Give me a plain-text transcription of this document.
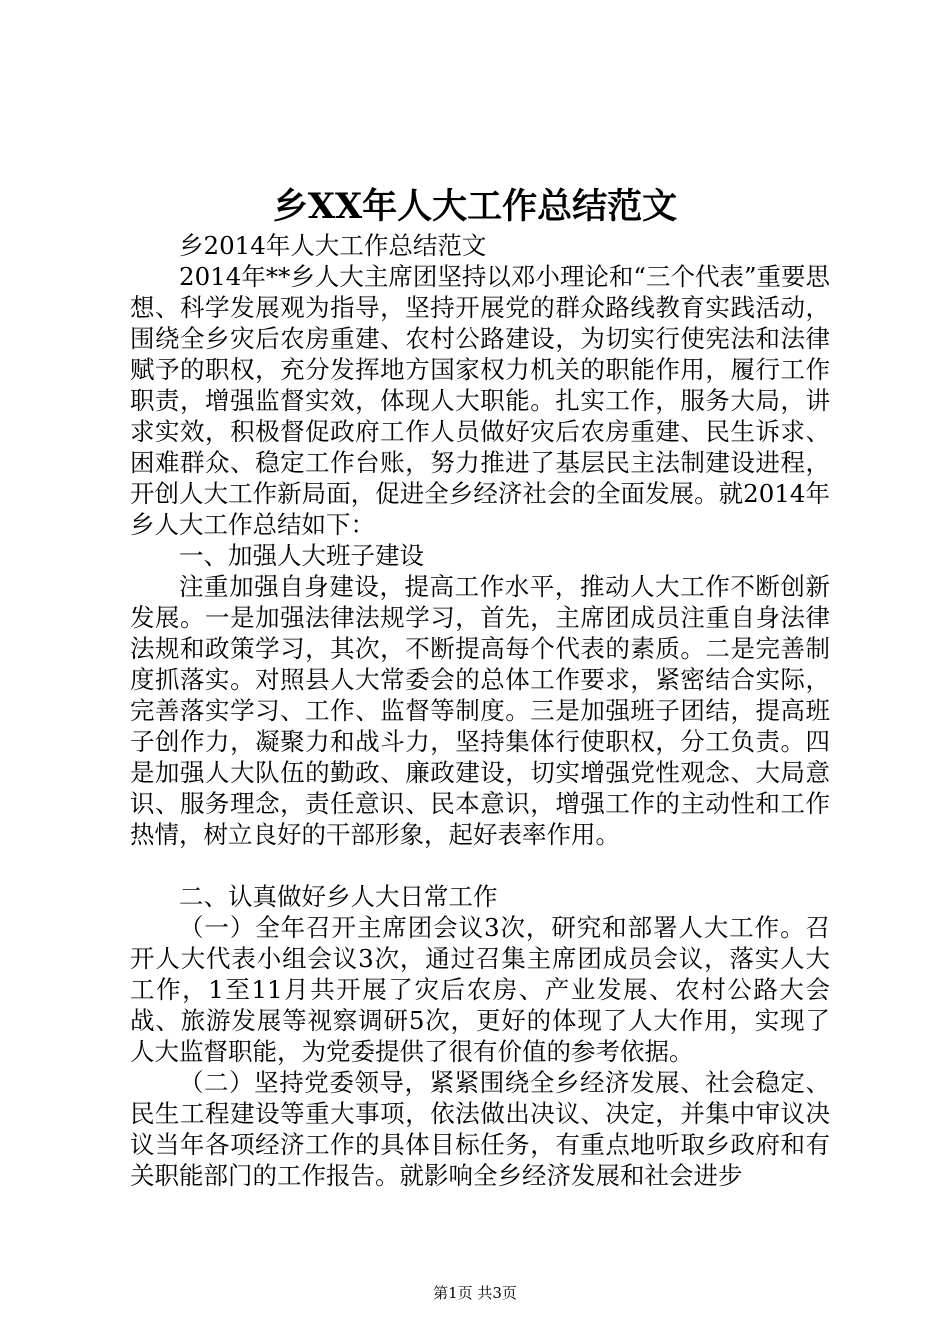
乡XX年人大工作总结范文

乡2014年人大工作总结范文

2014年**乡人大主席团坚持以邓小理论和“三个代表”重要思想、科学发展观为指导，坚持开展党的群众路线教育实践活动，围绕全乡灾后农房重建、农村公路建设，为切实行使宪法和法律赋予的职权，充分发挥地方国家权力机关的职能作用，履行工作职责，增强监督实效，体现人大职能。扎实工作，服务大局，讲求实效，积极督促政府工作人员做好灾后农房重建、民生诉求、困难群众、稳定工作台账，努力推进了基层民主法制建设进程，开创人大工作新局面，促进全乡经济社会的全面发展。就2014年乡人大工作总结如下：

一、加强人大班子建设

注重加强自身建设，提高工作水平，推动人大工作不断创新发展。一是加强法律法规学习，首先，主席团成员注重自身法律法规和政策学习，其次，不断提高每个代表的素质。二是完善制度抓落实。对照县人大常委会的总体工作要求，紧密结合实际，完善落实学习、工作、监督等制度。三是加强班子团结，提高班子创作力，凝聚力和战斗力，坚持集体行使职权，分工负责。四是加强人大队伍的勤政、廉政建设，切实增强党性观念、大局意识、服务理念，责任意识、民本意识，增强工作的主动性和工作热情，树立良好的干部形象，起好表率作用。

二、认真做好乡人大日常工作

（一）全年召开主席团会议3次，研究和部署人大工作。召开人大代表小组会议3次，通过召集主席团成员会议，落实人大工作，1至11月共开展了灾后农房、产业发展、农村公路大会战、旅游发展等视察调研5次，更好的体现了人大作用，实现了人大监督职能，为党委提供了很有价值的参考依据。

（二）坚持党委领导，紧紧围绕全乡经济发展、社会稳定、民生工程建设等重大事项，依法做出决议、决定，并集中审议决议当年各项经济工作的具体目标任务，有重点地听取乡政府和有关职能部门的工作报告。就影响全乡经济发展和社会进步

第1页 共3页
